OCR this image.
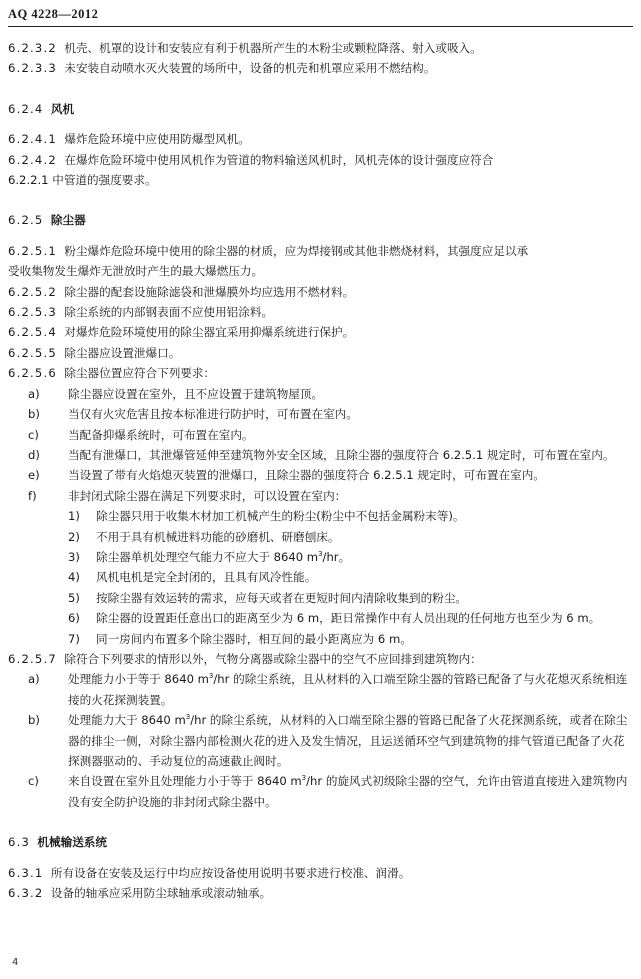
AQ 4228—2012

6.2.3.2 机壳、机罩的设计和安装应有利于机器所产生的木粉尘或颗粒降落、射入或吸入。

6.2.3.3 未安装自动喷水灭火装置的场所中，设备的机壳和机罩应采用不燃结构。

6.2.4 风机

6.2.4.1 爆炸危险环境中应使用防爆型风机。

6.2.4.2 在爆炸危险环境中使用风机作为管道的物料输送风机时，风机壳体的设计强度应符合

6.2.2.1 中管道的强度要求。

6.2.5 除尘器

6.2.5.1 粉尘爆炸危险环境中使用的除尘器的材质，应为焊接钢或其他非燃烧材料，其强度应足以承

受收集物发生爆炸无泄放时产生的最大爆燃压力。

6.2.5.2 除尘器的配套设施除滤袋和泄爆膜外均应选用不燃材料。

6.2.5.3 除尘系统的内部钢表面不应使用铝涂料。

6.2.5.4 对爆炸危险环境使用的除尘器宜采用抑爆系统进行保护。

6.2.5.5 除尘器应设置泄爆口。

6.2.5.6 除尘器位置应符合下列要求：

a)	除尘器应设置在室外，且不应设置于建筑物屋顶。
b)	当仅有火灾危害且按本标准进行防护时，可布置在室内。
c)	当配备抑爆系统时，可布置在室内。
d)	当配有泄爆口，其泄爆管延伸至建筑物外安全区域，且除尘器的强度符合 6.2.5.1 规定时，可布置在室内。
e)	当设置了带有火焰熄灭装置的泄爆口，且除尘器的强度符合 6.2.5.1 规定时，可布置在室内。
f)	非封闭式除尘器在满足下列要求时，可以设置在室内：
1)	除尘器只用于收集木材加工机械产生的粉尘(粉尘中不包括金属粉末等)。
2)	不用于具有机械进料功能的砂磨机、研磨刨床。
3)	除尘器单机处理空气能力不应大于 8640 $m^3/hr$。
4)	风机电机是完全封闭的，且具有风冷性能。
5)	按除尘器有效运转的需求，应每天或者在更短时间内清除收集到的粉尘。
6)	除尘器的设置距任意出口的距离至少为 6 m，距日常操作中有人员出现的任何地方也至少为 6 m。
7)	同一房间内布置多个除尘器时，相互间的最小距离应为 6 m。

6.2.5.7 除符合下列要求的情形以外，气物分离器或除尘器中的空气不应回排到建筑物内：

a)	处理能力小于等于 8640 $m^3/hr$ 的除尘系统，且从材料的入口端至除尘器的管路已配备了与火花熄灭系统相连接的火花探测装置。
b)	处理能力大于 8640 $m^3/hr$ 的除尘系统，从材料的入口端至除尘器的管路已配备了火花探测系统，或者在除尘器的排尘一侧，对除尘器内部检测火花的进入及发生情况，且运送循环空气到建筑物的排气管道已配备了火花探测器驱动的、手动复位的高速截止阀时。
c)	来自设置在室外且处理能力小于等于 8640 $m^3/hr$ 的旋风式初级除尘器的空气，允许由管道直接进入建筑物内没有安全防护设施的非封闭式除尘器中。

6.3 机械输送系统

6.3.1 所有设备在安装及运行中均应按设备使用说明书要求进行校准、润滑。

6.3.2 设备的轴承应采用防尘球轴承或滚动轴承。

4
